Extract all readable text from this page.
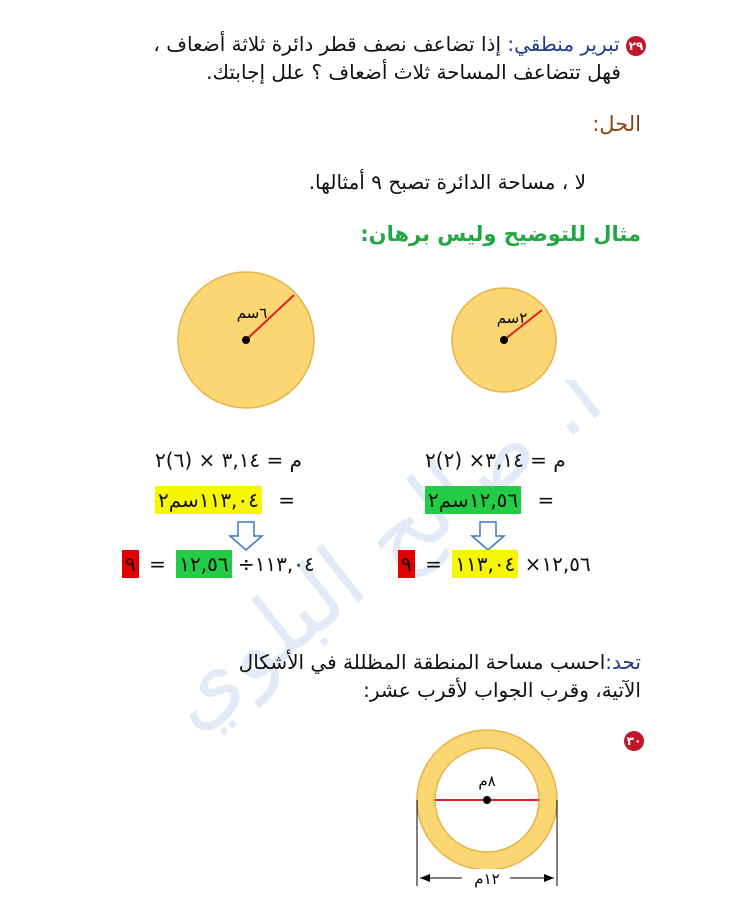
أ. صالح البلوي
٢٩ تبرير منطقي: إذا تضاعف نصف قطر دائرة ثلاثة أضعاف ،
فهل تتضاعف المساحة ثلاث أضعاف ؟ علل إجابتك.
الحل:
لا ، مساحة الدائرة تصبح ٩ أمثالها.
مثال للتوضيح وليس برهان:
٦سم	٢سم
٨م
١٢م
م = ٣,١٤ × (٦)٢
١١٣,٠٤سم٢ =
١٢,٥٦ = ٩	÷١١٣,٠٤
م = ٣,١٤× (٢)٢
١٢,٥٦سم٢ =
١١٣,٠٤ = ٩	×١٢,٥٦
تحد:احسب مساحة المنطقة المظللة في الأشكال
الآتية، وقرب الجواب لأقرب عشر:
٣٠
